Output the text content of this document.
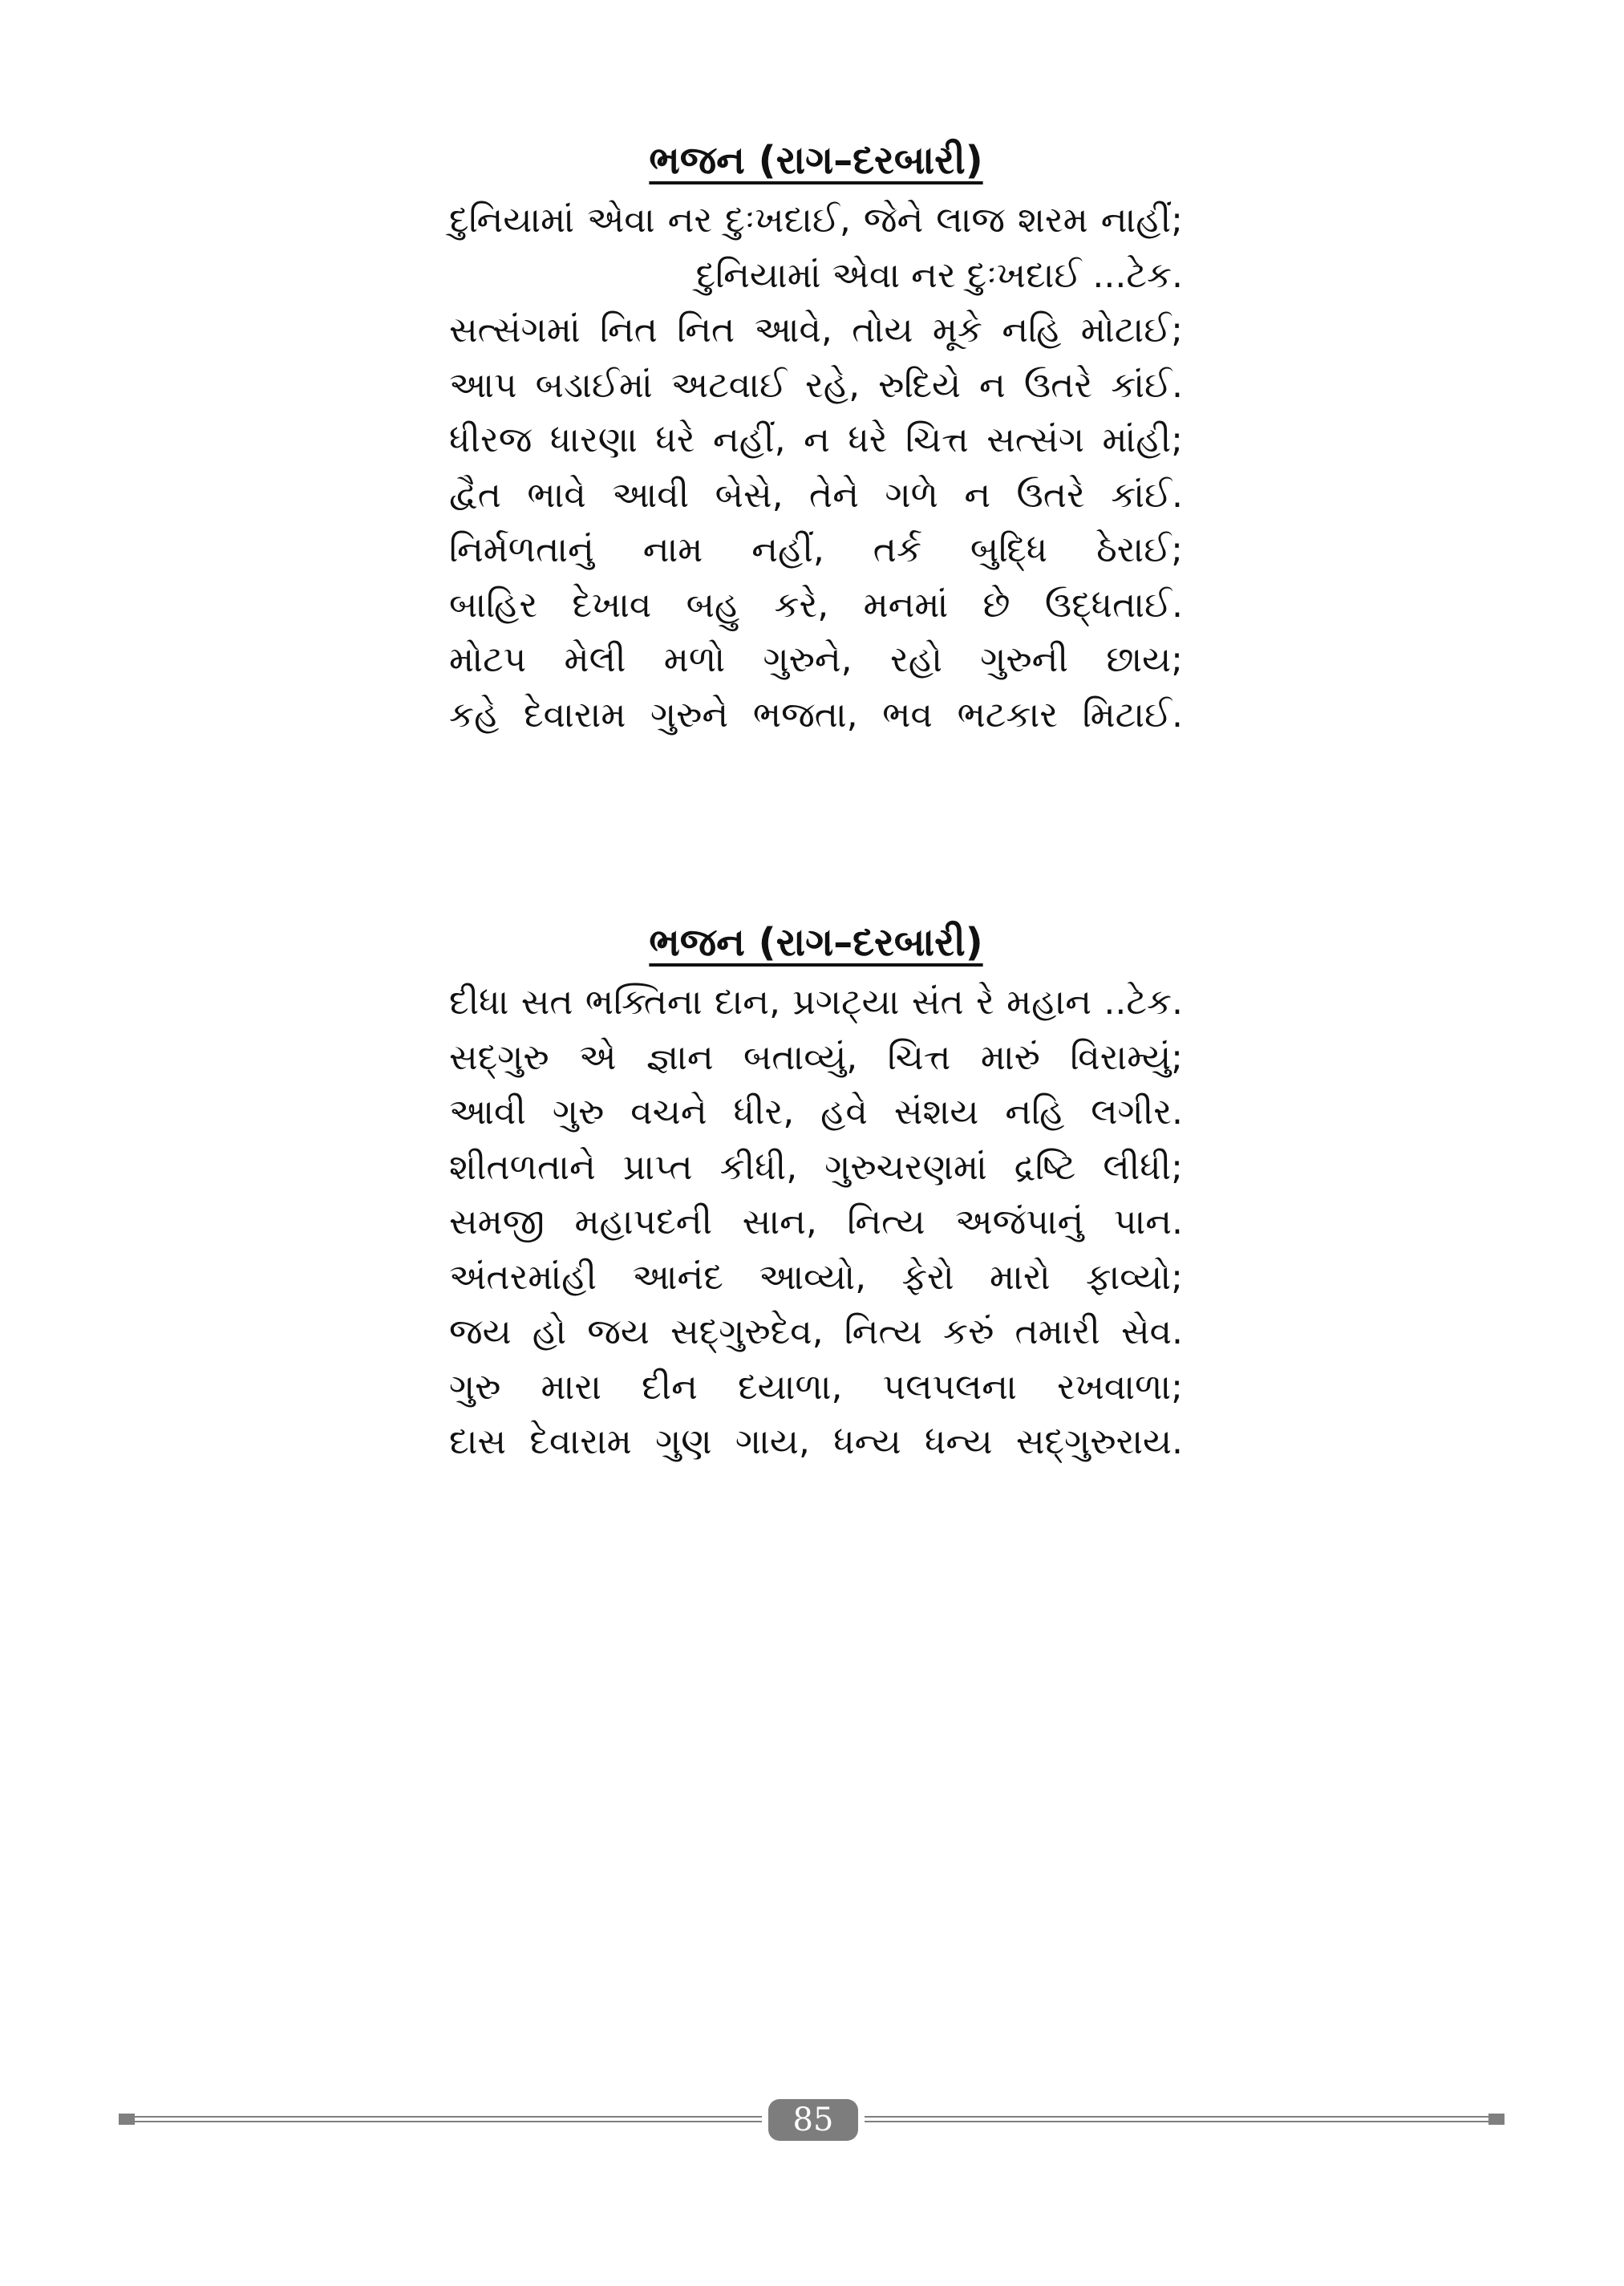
ભજન (રાગ–દરબારી)
દુનિયામાં એવા નર દુઃખદાઈ, જેને લાજ શરમ નાહીં;
દુનિયામાં એવા નર દુઃખદાઈ ...ટેક.
સત્સંગમાં નિત નિત આવે, તોય મૂકે નહિ મોટાઈ;
આપ બડાઈમાં અટવાઈ રહે, રુદિયે ન ઉતરે કાંઈ.
ધીરજ ધારણા ધરે નહીં, ન ધરે ચિત્ત સત્સંગ માંહી;
દ્વૈત ભાવે આવી બેસે, તેને ગળે ન ઉતરે કાંઈ.
નિર્મળતાનું નામ નહીં, તર્ક બુદ્ધિ ઠેરાઈ;
બાહિર દેખાવ બહુ કરે, મનમાં છે ઉદ્ધતાઈ.
મોટપ મેલી મળો ગુરુને, રહો ગુરુની છાય;
કહે દેવારામ ગુરુને ભજતા, ભવ ભટકાર મિટાઈ.
ભજન (રાગ–દરબારી)
દીધા સત ભક્તિના દાન, પ્રગટ્યા સંત રે મહાન ..ટેક.
સદ્‌ગુરુ એ જ્ઞાન બતાવ્યું, ચિત્ત મારું વિરામ્યું;
આવી ગુરુ વચને ધીર, હવે સંશય નહિ લગીર.
શીતળતાને પ્રાપ્ત કીધી, ગુરુચરણમાં દ્રષ્ટિ લીધી;
સમજી મહાપદની સાન, નિત્ય અજંપાનું પાન.
અંતરમાંહી આનંદ આવ્યો, ફેરો મારો ફાવ્યો;
જય હો જય સદ્‌ગુરુદેવ, નિત્ય કરું તમારી સેવ.
ગુરુ મારા દીન દયાળા, પલપલના રખવાળા;
દાસ દેવારામ ગુણ ગાય, ધન્ય ધન્ય સદ્‌ગુરુરાય.
85
